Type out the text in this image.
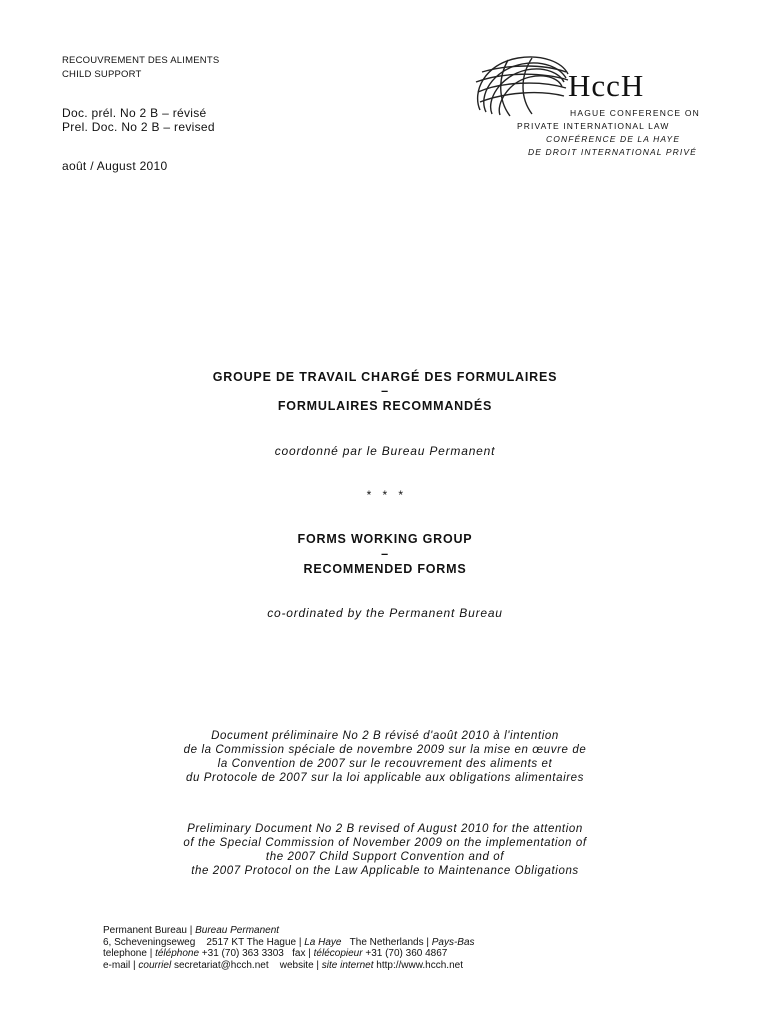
RECOUVREMENT DES ALIMENTS
CHILD SUPPORT
Doc. prél. No 2 B – révisé
Prel. Doc. No 2 B – revised
août / August 2010
HccH
HAGUE CONFERENCE ON
PRIVATE INTERNATIONAL LAW
CONFÉRENCE DE LA HAYE
DE DROIT INTERNATIONAL PRIVÉ
GROUPE DE TRAVAIL CHARGÉ DES FORMULAIRES
–
FORMULAIRES RECOMMANDÉS
coordonné par le Bureau Permanent
*   *   *
FORMS WORKING GROUP
–
RECOMMENDED FORMS
co-ordinated by the Permanent Bureau
Document préliminaire No 2 B révisé d'août 2010 à l'intention
de la Commission spéciale de novembre 2009 sur la mise en œuvre de
la Convention de 2007 sur le recouvrement des aliments et
du Protocole de 2007 sur la loi applicable aux obligations alimentaires
Preliminary Document No 2 B revised of August 2010 for the attention
of the Special Commission of November 2009 on the implementation of
the 2007 Child Support Convention and of
the 2007 Protocol on the Law Applicable to Maintenance Obligations
Permanent Bureau | Bureau Permanent
6, Scheveningseweg    2517 KT The Hague | La Haye   The Netherlands | Pays-Bas
telephone | téléphone +31 (70) 363 3303   fax | télécopieur +31 (70) 360 4867
e-mail | courriel secretariat@hcch.net    website | site internet http://www.hcch.net
